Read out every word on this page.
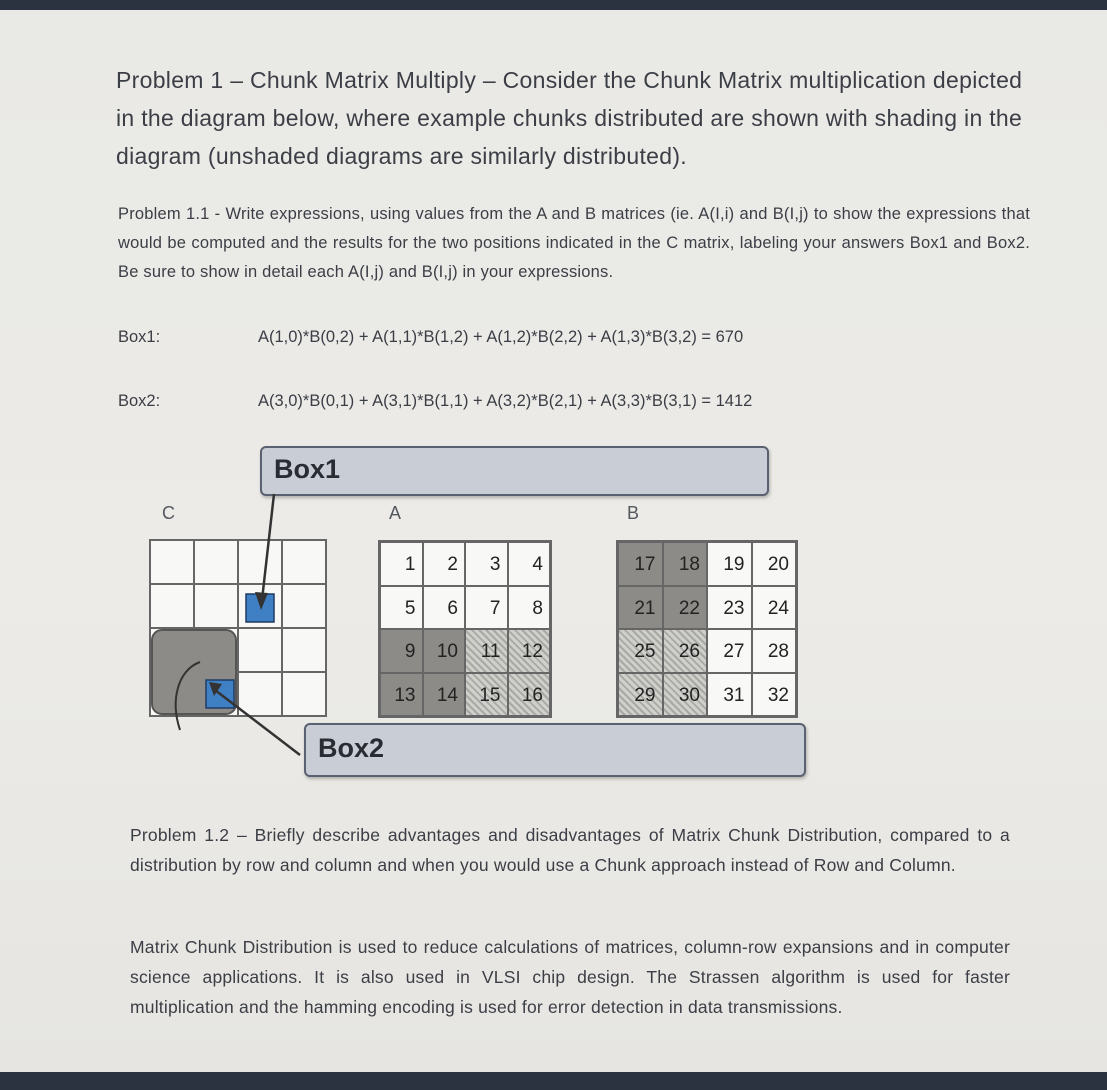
Problem 1 – Chunk Matrix Multiply – Consider the Chunk Matrix multiplication depicted in the diagram below, where example chunks distributed are shown with shading in the diagram (unshaded diagrams are similarly distributed).

Problem 1.1 - Write expressions, using values from the A and B matrices (ie. A(I,i) and B(I,j) to show the expressions that would be computed and the results for the two positions indicated in the C matrix, labeling your answers Box1 and Box2. Be sure to show in detail each A(I,j) and B(I,j) in your expressions.

Box1:	A(1,0)*B(0,2) + A(1,1)*B(1,2) + A(1,2)*B(2,2) + A(1,3)*B(3,2) = 670
Box2:	A(3,0)*B(0,1) + A(3,1)*B(1,1) + A(3,2)*B(2,1) + A(3,3)*B(3,1) = 1412
Box1
Box2
C	A	B
1	2	3	4
5	6	7	8
9	10	11	12
13	14	15	16
17	18	19	20
21	22	23	24
25	26	27	28
29	30	31	32

Problem 1.2 – Briefly describe advantages and disadvantages of Matrix Chunk Distribution, compared to a distribution by row and column and when you would use a Chunk approach instead of Row and Column.

Matrix Chunk Distribution is used to reduce calculations of matrices, column-row expansions and in computer science applications. It is also used in VLSI chip design. The Strassen algorithm is used for faster multiplication and the hamming encoding is used for error detection in data transmissions.
